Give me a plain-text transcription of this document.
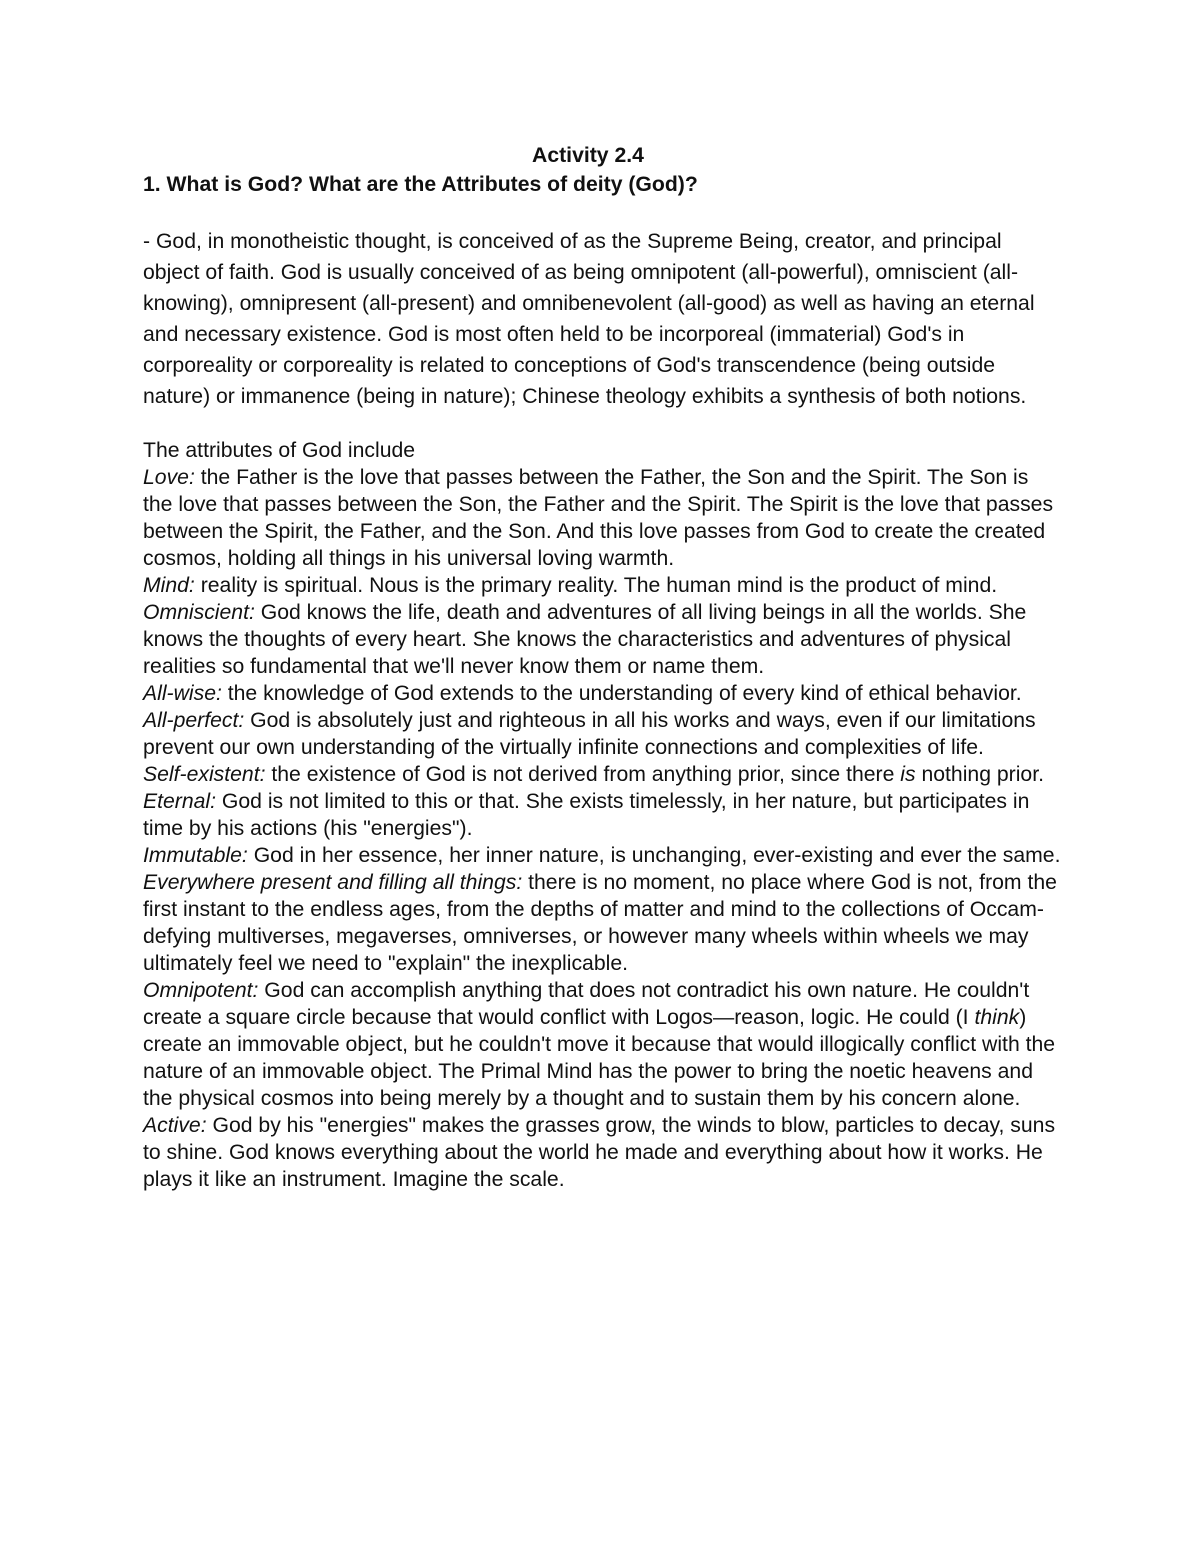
Activity 2.4

1. What is God? What are the Attributes of deity (God)?

- God, in monotheistic thought, is conceived of as the Supreme Being, creator, and principal object of faith. God is usually conceived of as being omnipotent (all-powerful), omniscient (all-knowing), omnipresent (all-present) and omnibenevolent (all-good) as well as having an eternal and necessary existence. God is most often held to be incorporeal (immaterial) God's in corporeality or corporeality is related to conceptions of God's transcendence (being outside nature) or immanence (being in nature); Chinese theology exhibits a synthesis of both notions.

The attributes of God include

Love: the Father is the love that passes between the Father, the Son and the Spirit. The Son is the love that passes between the Son, the Father and the Spirit. The Spirit is the love that passes between the Spirit, the Father, and the Son. And this love passes from God to create the created cosmos, holding all things in his universal loving warmth.

Mind: reality is spiritual. Nous is the primary reality. The human mind is the product of mind.

Omniscient: God knows the life, death and adventures of all living beings in all the worlds. She knows the thoughts of every heart. She knows the characteristics and adventures of physical realities so fundamental that we'll never know them or name them.

All-wise: the knowledge of God extends to the understanding of every kind of ethical behavior.

All-perfect: God is absolutely just and righteous in all his works and ways, even if our limitations prevent our own understanding of the virtually infinite connections and complexities of life.

Self-existent: the existence of God is not derived from anything prior, since there is nothing prior.

Eternal: God is not limited to this or that. She exists timelessly, in her nature, but participates in time by his actions (his "energies").

Immutable: God in her essence, her inner nature, is unchanging, ever-existing and ever the same.

Everywhere present and filling all things: there is no moment, no place where God is not, from the first instant to the endless ages, from the depths of matter and mind to the collections of Occam-defying multiverses, megaverses, omniverses, or however many wheels within wheels we may ultimately feel we need to "explain" the inexplicable.

Omnipotent: God can accomplish anything that does not contradict his own nature. He couldn't create a square circle because that would conflict with Logos—reason, logic. He could (I think) create an immovable object, but he couldn't move it because that would illogically conflict with the nature of an immovable object. The Primal Mind has the power to bring the noetic heavens and the physical cosmos into being merely by a thought and to sustain them by his concern alone.

Active: God by his "energies" makes the grasses grow, the winds to blow, particles to decay, suns to shine. God knows everything about the world he made and everything about how it works. He plays it like an instrument. Imagine the scale.
